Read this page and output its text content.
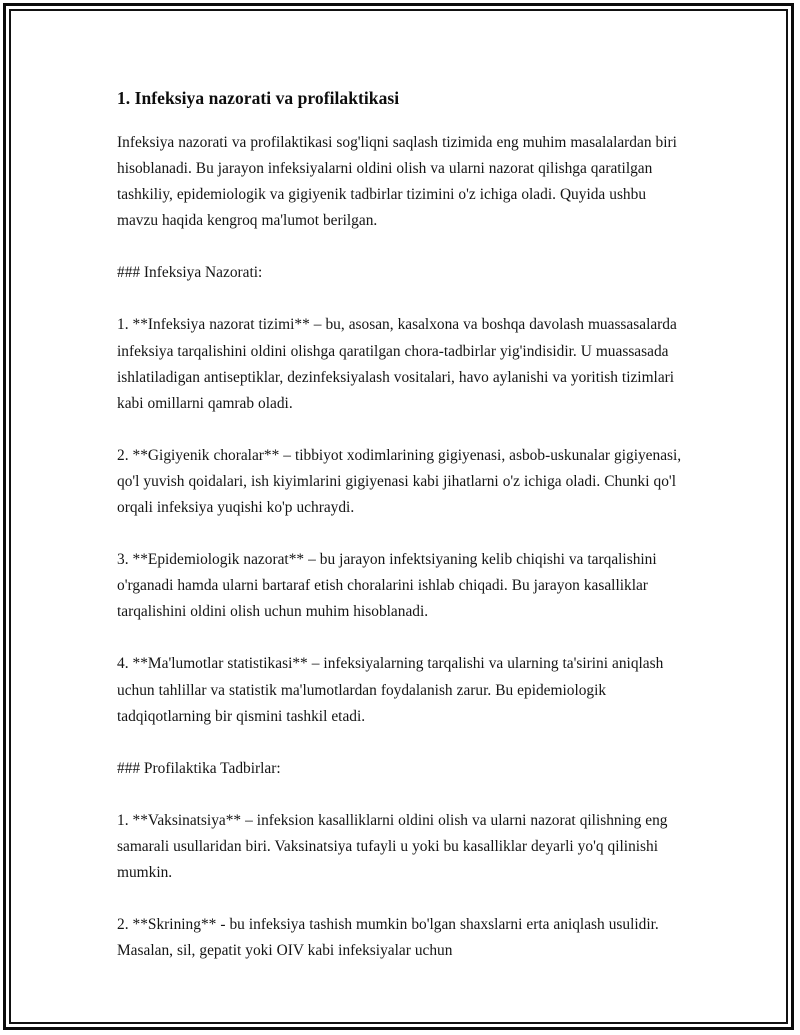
1. Infeksiya nazorati va profilaktikasi

Infeksiya nazorati va profilaktikasi sog'liqni saqlash tizimida eng muhim masalalardan biri hisoblanadi. Bu jarayon infeksiyalarni oldini olish va ularni nazorat qilishga qaratilgan tashkiliy, epidemiologik va gigiyenik tadbirlar tizimini o'z ichiga oladi. Quyida ushbu mavzu haqida kengroq ma'lumot berilgan.

### Infeksiya Nazorati:

1. **Infeksiya nazorat tizimi** – bu, asosan, kasalxona va boshqa davolash muassasalarda infeksiya tarqalishini oldini olishga qaratilgan chora-tadbirlar yig'indisidir. U muassasada ishlatiladigan antiseptiklar, dezinfeksiyalash vositalari, havo aylanishi va yoritish tizimlari kabi omillarni qamrab oladi.

2. **Gigiyenik choralar** – tibbiyot xodimlarining gigiyenasi, asbob-uskunalar gigiyenasi, qo'l yuvish qoidalari, ish kiyimlarini gigiyenasi kabi jihatlarni o'z ichiga oladi. Chunki qo'l orqali infeksiya yuqishi ko'p uchraydi.

3. **Epidemiologik nazorat** – bu jarayon infektsiyaning kelib chiqishi va tarqalishini o'rganadi hamda ularni bartaraf etish choralarini ishlab chiqadi. Bu jarayon kasalliklar tarqalishini oldini olish uchun muhim hisoblanadi.

4. **Ma'lumotlar statistikasi** – infeksiyalarning tarqalishi va ularning ta'sirini aniqlash uchun tahlillar va statistik ma'lumotlardan foydalanish zarur. Bu epidemiologik tadqiqotlarning bir qismini tashkil etadi.

### Profilaktika Tadbirlar:

1. **Vaksinatsiya** – infeksion kasalliklarni oldini olish va ularni nazorat qilishning eng samarali usullaridan biri. Vaksinatsiya tufayli u yoki bu kasalliklar deyarli yo'q qilinishi mumkin.

2. **Skrining** - bu infeksiya tashish mumkin bo'lgan shaxslarni erta aniqlash usulidir. Masalan, sil, gepatit yoki OIV kabi infeksiyalar uchun
